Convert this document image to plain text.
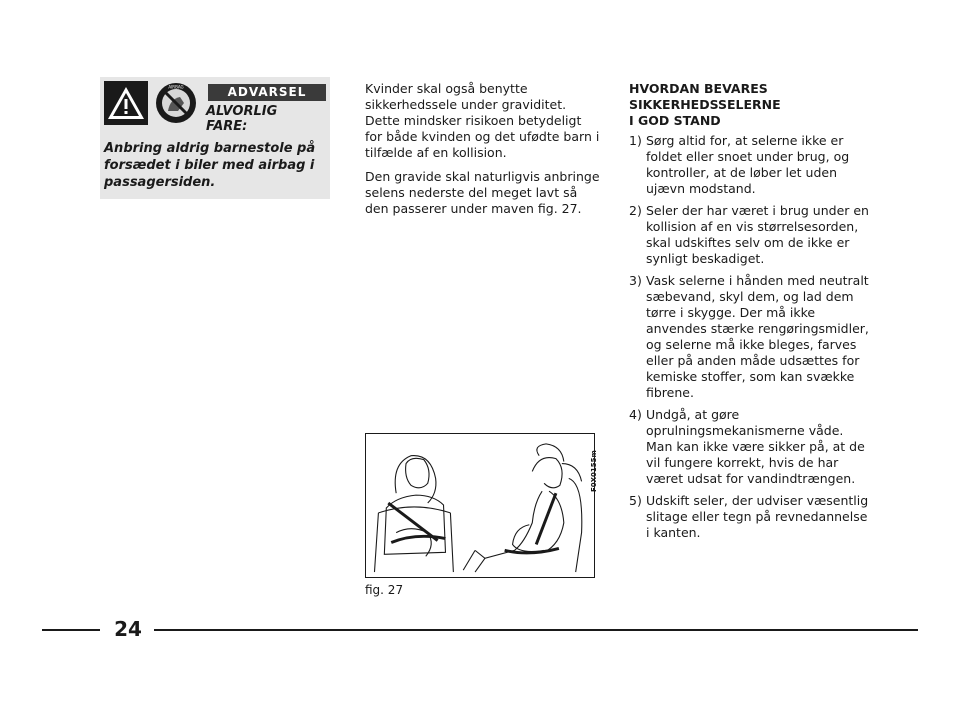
AIRBAG	ADVARSEL
ALVORLIG
FARE:
Anbring aldrig barnestole på forsædet i biler med airbag i passagersiden.

Kvinder skal også benytte sikkerhedssele under graviditet. Dette mindsker risikoen betydeligt for både kvinden og det ufødte barn i tilfælde af en kollision.

Den gravide skal naturligvis anbringe selens nederste del meget lavt så den passerer under maven fig. 27.

F0X0155m
fig. 27
HVORDAN BEVARES
SIKKERHEDSSELERNE
I GOD STAND
1) Sørg altid for, at selerne ikke er foldet eller snoet under brug, og kontroller, at de løber let uden ujævn modstand.
2) Seler der har været i brug under en kollision af en vis størrelsesorden, skal udskiftes selv om de ikke er synligt beskadiget.
3) Vask selerne i hånden med neutralt sæbevand, skyl dem, og lad dem tørre i skygge. Der må ikke anvendes stærke rengøringsmidler, og selerne må ikke bleges, farves eller på anden måde udsættes for kemiske stoffer, som kan svække fibrene.
4) Undgå, at gøre oprulningsmekanismerne våde. Man kan ikke være sikker på, at de vil fungere korrekt, hvis de har været udsat for vandindtrængen.
5) Udskift seler, der udviser væsentlig slitage eller tegn på revnedannelse i kanten.
24
